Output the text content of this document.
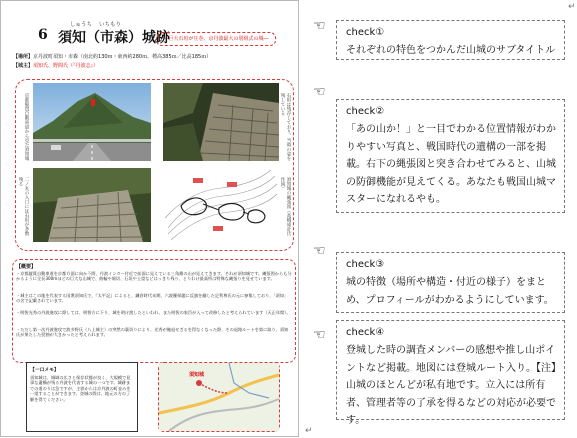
6
しゅうち いちもり
須知（市森）城跡
―巨大石垣が圧巻、京丹波最大の別組式の城―
【場所】京丹波町須知・市森（南北約130ｍ・東西約280ｍ、標高385ｍ／比高185ｍ）
【城主】須知氏、野間氏（『丹波志』）
京都縦貫自動車道から見た須知城
二ノ丸の入口には石垣が多数残る
石垣は残存しており、当時の姿を残している
須知城の縄張図（高橋成計氏作図）
【概要】
・京都縦貫自動車道を京都方面に向かう際、丹波インター付近で前面に見えている三角錐の山が見えてきます。それが須知城です。縄張図からも分かるように全長300mほどの巨大な山城で、曲輪や堀切、石垣や土塁などはっきり残り、とりわけ最高所は特殊な縄張りを見せています。
・城主はこの地を代表する国衆須知氏で、『太平記』によると、鎌倉時代末期、六波羅探題に反旗を翻した足利尊氏の元に参集しており、「須知」の名で記載されています。
・明智光秀の丹波進攻に際しては、明智方に下り、城を明け渡したといわれ、また明智の家臣が入って改修したと考えられています（天正年間）。
・ただし第一次丹波進攻で波多野氏（八上城主）の突然の裏切りにより、光秀が撤退せざるを得なくなった際、その退路ルートを第に取り、須知氏が果たした役割が大きかったと考えられます。
【一口メモ】
須知城は、城域の広さと保存状態が良く、大規模で見事な遺構が残る丹波を代表する城の一つです。城跡までの道のりは急ですが、主郭からは京丹波の町並みを一望することができます。登城の際は、地元の方の了解を得てください。
須知城
☜ check①
それぞれの特色をつかんだ山城のサブタイトル
↵
☜
check②
「あの山か！」と一目でわかる位置情報がわかりやすい写真と、戦国時代の遺構の一部を掲載。右下の縄張図と突き合わせてみると、山城の防御機能が見えてくる。あなたも戦国山城マスターになれるやも。
☜
check③
城の特徴（場所や構造・付近の様子）をまとめ、プロフィールがわかるようにしています。
☜ check④
登城した時の調査メンバーの感想や推し山ポイントなど掲載。地図には登城ルート入り。【注】山城のほとんどが私有地です。立入には所有者、管理者等の了承を得るなどの対応が必要です。
↵
